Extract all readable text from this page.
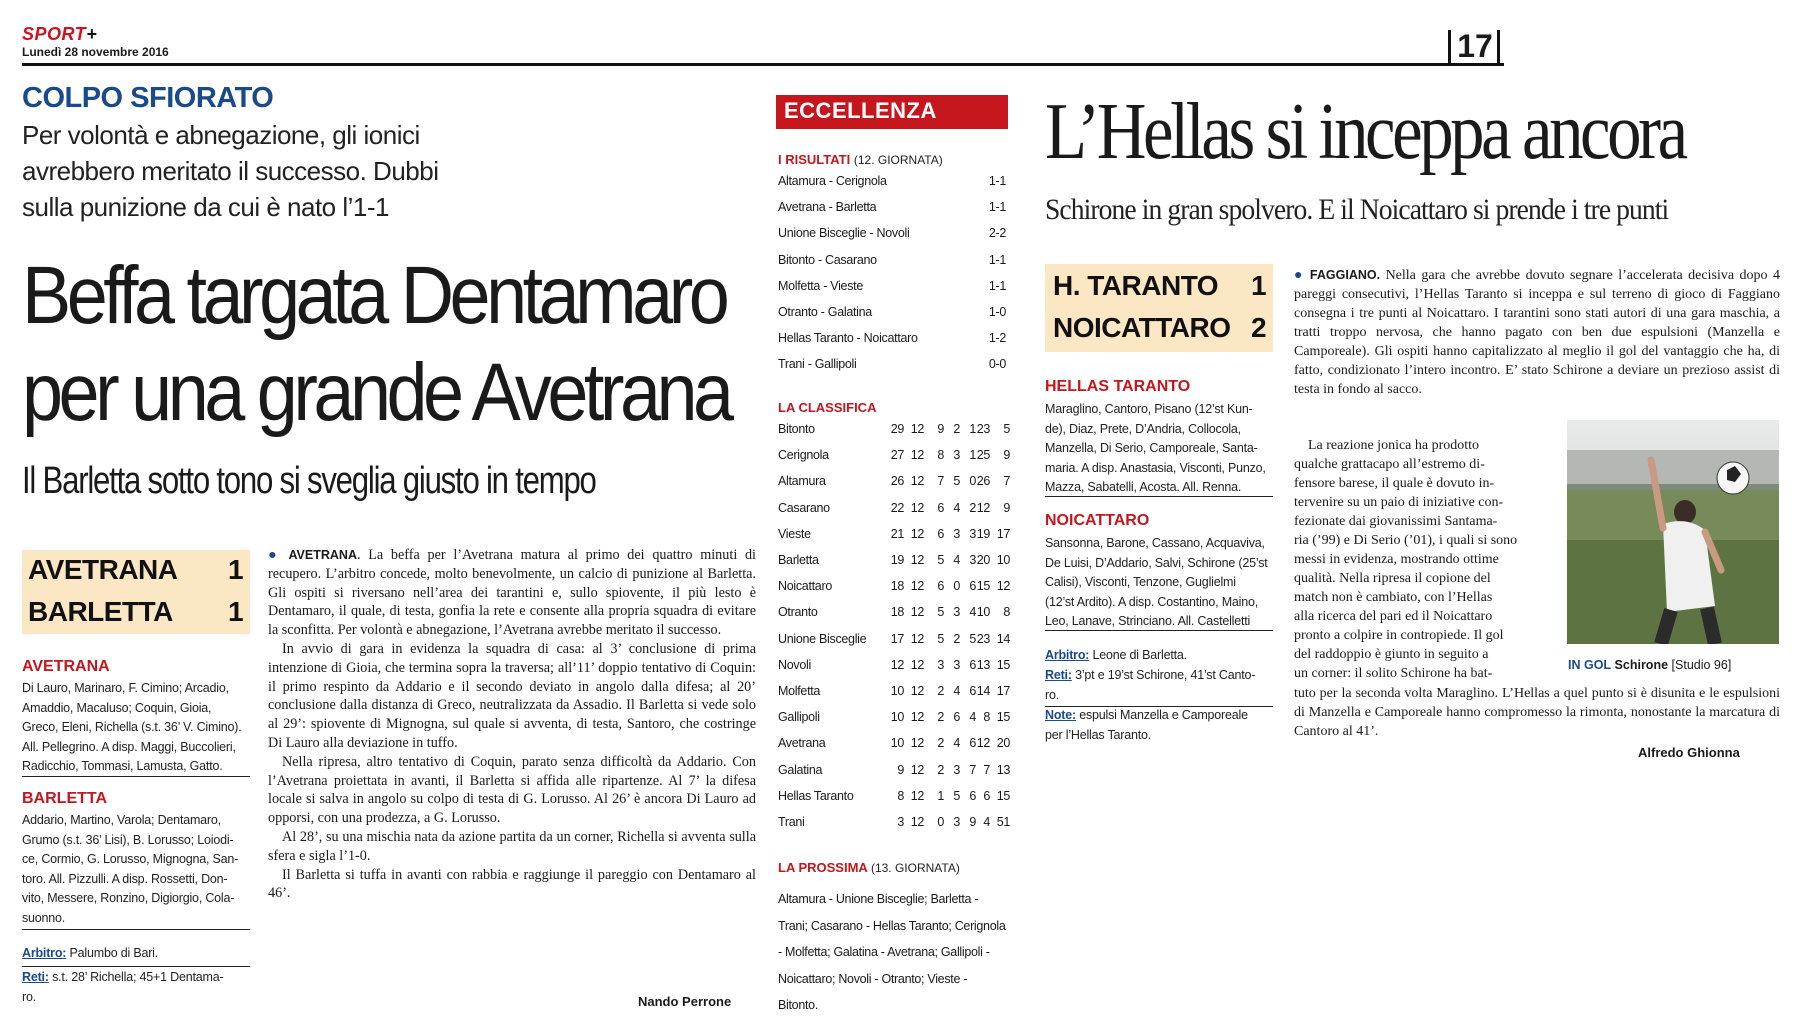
SPORT+
Lunedì 28 novembre 2016	17
COLPO SFIORATO
Per volontà e abnegazione, gli ionici
avrebbero meritato il successo. Dubbi
sulla punizione da cui è nato l’1-1
Beffa targata Dentamaro
per una grande Avetrana
Il Barletta sotto tono si sveglia giusto in tempo
AVETRANA 1
BARLETTA 1
AVETRANA
Di Lauro, Marinaro, F. Cimino; Arcadio,
Amaddio, Macaluso; Coquin, Gioia,
Greco, Eleni, Richella (s.t. 36’ V. Cimino).
All. Pellegrino. A disp. Maggi, Buccolieri,
Radicchio, Tommasi, Lamusta, Gatto.
BARLETTA
Addario, Martino, Varola; Dentamaro,
Grumo (s.t. 36’ Lisi), B. Lorusso; Loiodi-
ce, Cormio, G. Lorusso, Mignogna, San-
toro. All. Pizzulli. A disp. Rossetti, Don-
vito, Messere, Ronzino, Digiorgio, Cola-
suonno.
Arbitro: Palumbo di Bari.
Reti: s.t. 28’ Richella; 45+1 Dentama-
ro.

● AVETRANA. La beffa per l’Avetrana matura al primo dei quattro minuti di recupero. L’arbitro concede, molto benevolmente, un calcio di punizione al Barletta. Gli ospiti si riversano nell’area dei tarantini e, sullo spiovente, il più lesto è Dentamaro, il quale, di testa, gonfia la rete e consente alla propria squadra di evitare la sconfitta. Per volontà e abnegazione, l’Avetrana avrebbe meritato il successo.

In avvio di gara in evidenza la squadra di casa: al 3’ conclusione di prima intenzione di Gioia, che termina sopra la traversa; all’11’ doppio tentativo di Coquin: il primo respinto da Addario e il secondo deviato in angolo dalla difesa; al 20’ conclusione dalla distanza di Greco, neutralizzata da Assadio. Il Barletta si vede solo al 29’: spiovente di Mignogna, sul quale si avventa, di testa, Santoro, che costringe Di Lauro alla deviazione in tuffo.

Nella ripresa, altro tentativo di Coquin, parato senza difficoltà da Addario. Con l’Avetrana proiettata in avanti, il Barletta si affida alle ripartenze. Al 7’ la difesa locale si salva in angolo su colpo di testa di G. Lorusso. Al 26’ è ancora Di Lauro ad opporsi, con una prodezza, a G. Lorusso.

Al 28’, su una mischia nata da azione partita da un corner, Richella si avventa sulla sfera e sigla l’1-0.

Il Barletta si tuffa in avanti con rabbia e raggiunge il pareggio con Dentamaro al 46’.

Nando Perrone
ECCELLENZA
I RISULTATI (12. GIORNATA)
Altamura - Cerignola	1-1
Avetrana - Barletta	1-1
Unione Bisceglie - Novoli	2-2
Bitonto - Casarano	1-1
Molfetta - Vieste	1-1
Otranto - Galatina	1-0
Hellas Taranto - Noicattaro	1-2
Trani - Gallipoli	0-0
LA CLASSIFICA
Bitonto	29 12 9 2 1 23 5
Cerignola	27 12 8 3 1 25 9
Altamura	26 12 7 5 0 26 7
Casarano	22 12 6 4 2 12 9
Vieste	21 12 6 3 3 19 17
Barletta	19 12 5 4 3 20 10
Noicattaro	18 12 6 0 6 15 12
Otranto	18 12 5 3 4 10 8
Unione Bisceglie 17 12 5 2 5 23 14
Novoli	12 12 3 3 6 13 15
Molfetta	10 12 2 4 6 14 17
Gallipoli	10 12 2 6 4 8 15
Avetrana	10 12 2 4 6 12 20
Galatina	9 12 2 3 7 7 13
Hellas Taranto	8 12 1 5 6 6 15
Trani	3 12 0 3 9 4 51
LA PROSSIMA (13. GIORNATA)
Altamura - Unione Bisceglie; Barletta - Trani; Casarano - Hellas Taranto; Cerignola - Molfetta; Galatina - Avetrana; Gallipoli - Noicattaro; Novoli - Otranto; Vieste - Bitonto.
L’Hellas si inceppa ancora
Schirone in gran spolvero. E il Noicattaro si prende i tre punti
H. TARANTO 1
NOICATTARO 2
HELLAS TARANTO
Maraglino, Cantoro, Pisano (12’st Kun-
de), Diaz, Prete, D’Andria, Collocola,
Manzella, Di Serio, Camporeale, Santa-
maria. A disp. Anastasia, Visconti, Punzo,
Mazza, Sabatelli, Acosta. All. Renna.
NOICATTARO
Sansonna, Barone, Cassano, Acquaviva,
De Luisi, D’Addario, Salvi, Schirone (25’st
Calisi), Visconti, Tenzone, Guglielmi
(12’st Ardito). A disp. Costantino, Maino,
Leo, Lanave, Strinciano. All. Castelletti
Arbitro: Leone di Barletta.
Reti: 3’pt e 19’st Schirone, 41’st Canto-
ro.
Note: espulsi Manzella e Camporeale
per l’Hellas Taranto.

● FAGGIANO. Nella gara che avrebbe dovuto segnare l’accelerata decisiva dopo 4 pareggi consecutivi, l’Hellas Taranto si inceppa e sul terreno di gioco di Faggiano consegna i tre punti al Noicattaro. I tarantini sono stati autori di una gara maschia, a tratti troppo nervosa, che hanno pagato con ben due espulsioni (Manzella e Camporeale). Gli ospiti hanno capitalizzato al meglio il gol del vantaggio che ha, di fatto, condizionato l’intero incontro. E’ stato Schirone a deviare un prezioso assist di testa in fondo al sacco.

La reazione jonica ha prodotto
qualche grattacapo all’estremo di-
fensore barese, il quale è dovuto in-
tervenire su un paio di iniziative con-
fezionate dai giovanissimi Santama-
ria (’99) e Di Serio (’01), i quali si sono
messi in evidenza, mostrando ottime
qualità. Nella ripresa il copione del
match non è cambiato, con l’Hellas
alla ricerca del pari ed il Noicattaro
pronto a colpire in contropiede. Il gol
del raddoppio è giunto in seguito a
un corner: il solito Schirone ha bat-
tuto per la seconda volta Maraglino. L’Hellas a quel punto si è disunita e le espulsioni di Manzella e Camporeale hanno compromesso la rimonta, nonostante la marcatura di Cantoro al 41’.
Alfredo Ghionna
IN GOL Schirone [Studio 96]
